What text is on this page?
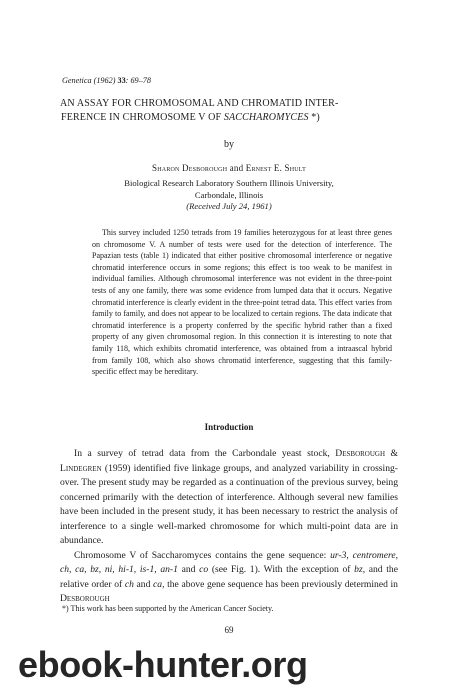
Genetica (1962) 33: 69–78
AN ASSAY FOR CHROMOSOMAL AND CHROMATID INTER-
FERENCE IN CHROMOSOME V OF SACCHAROMYCES *)
by
Sharon Desborough and Ernest E. Shult
Biological Research Laboratory Southern Illinois University,
Carbondale, Illinois
(Received July 24, 1961)

This survey included 1250 tetrads from 19 families heterozygous for at least three genes on chromosome V. A number of tests were used for the detection of interference. The Papazian tests (table 1) indicated that either positive chromosomal interference or negative chromatid interference occurs in some regions; this effect is too weak to be manifest in individual families. Although chromosomal interference was not evident in the three-point tests of any one family, there was some evidence from lumped data that it occurs. Negative chromatid interference is clearly evident in the three-point tetrad data. This effect varies from family to family, and does not appear to be localized to certain regions. The data indicate that chromatid interference is a property conferred by the specific hybrid rather than a fixed property of any given chromosomal region. In this connection it is interesting to note that family 118, which exhibits chromatid interference, was obtained from a intraascal hybrid from family 108, which also shows chromatid interference, suggesting that this family-specific effect may be hereditary.

Introduction

In a survey of tetrad data from the Carbondale yeast stock, Desborough & Lindegren (1959) identified five linkage groups, and analyzed variability in crossing-over. The present study may be regarded as a continuation of the previous survey, being concerned primarily with the detection of interference. Although several new families have been included in the present study, it has been necessary to restrict the analysis of interference to a single well-marked chromosome for which multi-point data are in abundance.

Chromosome V of Saccharomyces contains the gene sequence: ur-3, centromere, ch, ca, bz, ni, hi-1, is-1, an-1 and co (see Fig. 1). With the exception of bz, and the relative order of ch and ca, the above gene sequence has been previously determined in Desborough

*) This work has been supported by the American Cancer Society.
69
ebook-hunter.org
